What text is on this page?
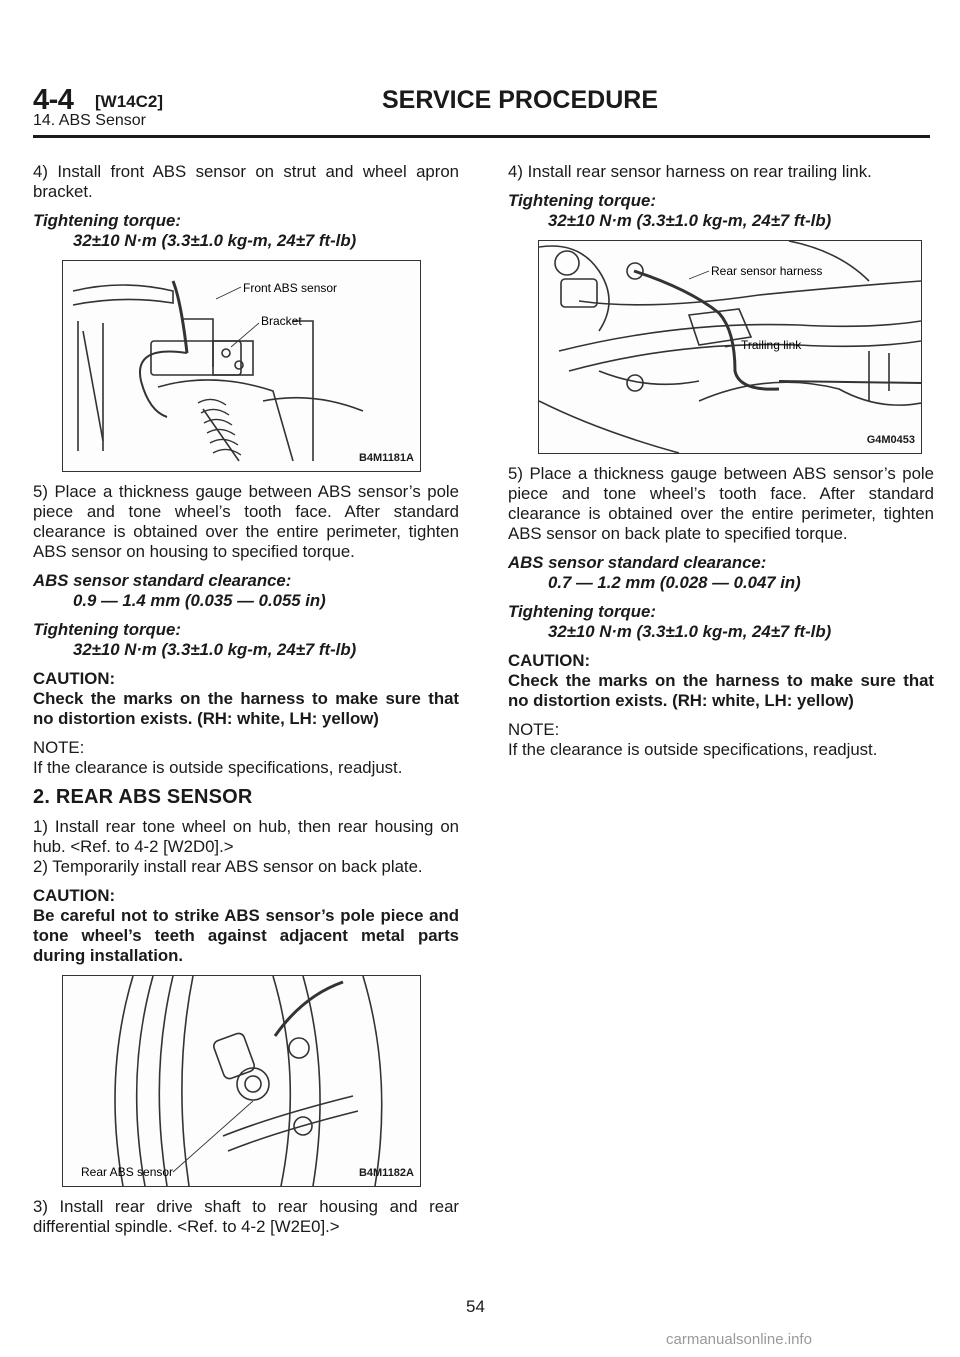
4-4 [W14C2]	SERVICE PROCEDURE
14. ABS Sensor

4) Install front ABS sensor on strut and wheel apron bracket.

Tightening torque:

32±10 N·m (3.3±1.0 kg-m, 24±7 ft-lb)

Front ABS sensor
Bracket
B4M1181A

5) Place a thickness gauge between ABS sensor’s pole piece and tone wheel’s tooth face. After standard clearance is obtained over the entire perimeter, tighten ABS sensor on housing to specified torque.

ABS sensor standard clearance:

0.9 — 1.4 mm (0.035 — 0.055 in)

Tightening torque:

32±10 N·m (3.3±1.0 kg-m, 24±7 ft-lb)

CAUTION:

Check the marks on the harness to make sure that no distortion exists. (RH: white, LH: yellow)

NOTE:

If the clearance is outside specifications, readjust.

2. REAR ABS SENSOR

1) Install rear tone wheel on hub, then rear housing on hub. <Ref. to 4-2 [W2D0].>

2) Temporarily install rear ABS sensor on back plate.

CAUTION:

Be careful not to strike ABS sensor’s pole piece and tone wheel’s teeth against adjacent metal parts during installation.

Rear ABS sensor	B4M1182A

3) Install rear drive shaft to rear housing and rear differential spindle. <Ref. to 4-2 [W2E0].>

4) Install rear sensor harness on rear trailing link.

Tightening torque:

32±10 N·m (3.3±1.0 kg-m, 24±7 ft-lb)

Rear sensor harness
Trailing link
G4M0453

5) Place a thickness gauge between ABS sensor’s pole piece and tone wheel’s tooth face. After standard clearance is obtained over the entire perimeter, tighten ABS sensor on back plate to specified torque.

ABS sensor standard clearance:

0.7 — 1.2 mm (0.028 — 0.047 in)

Tightening torque:

32±10 N·m (3.3±1.0 kg-m, 24±7 ft-lb)

CAUTION:

Check the marks on the harness to make sure that no distortion exists. (RH: white, LH: yellow)

NOTE:

If the clearance is outside specifications, readjust.

54
carmanualsonline.info
